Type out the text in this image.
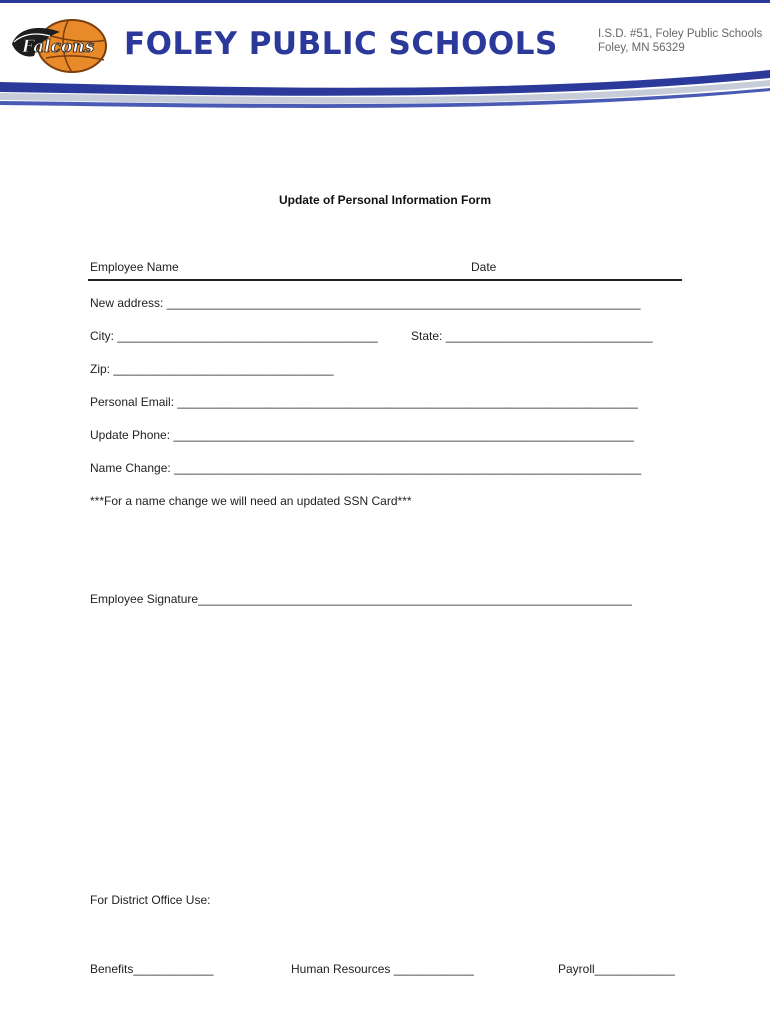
Falcons FOLEY PUBLIC SCHOOLS	I.S.D. #51, Foley Public Schools
Foley, MN 56329
Update of Personal Information Form
Employee Name	Date
New address: _______________________________________________________________________
City: _______________________________________	State: _______________________________
Zip: _________________________________
Personal Email: _____________________________________________________________________
Update Phone: _____________________________________________________________________
Name Change: ______________________________________________________________________
***For a name change we will need an updated SSN Card***
Employee Signature_________________________________________________________________
For District Office Use:
Benefits____________	Human Resources ____________	Payroll____________
